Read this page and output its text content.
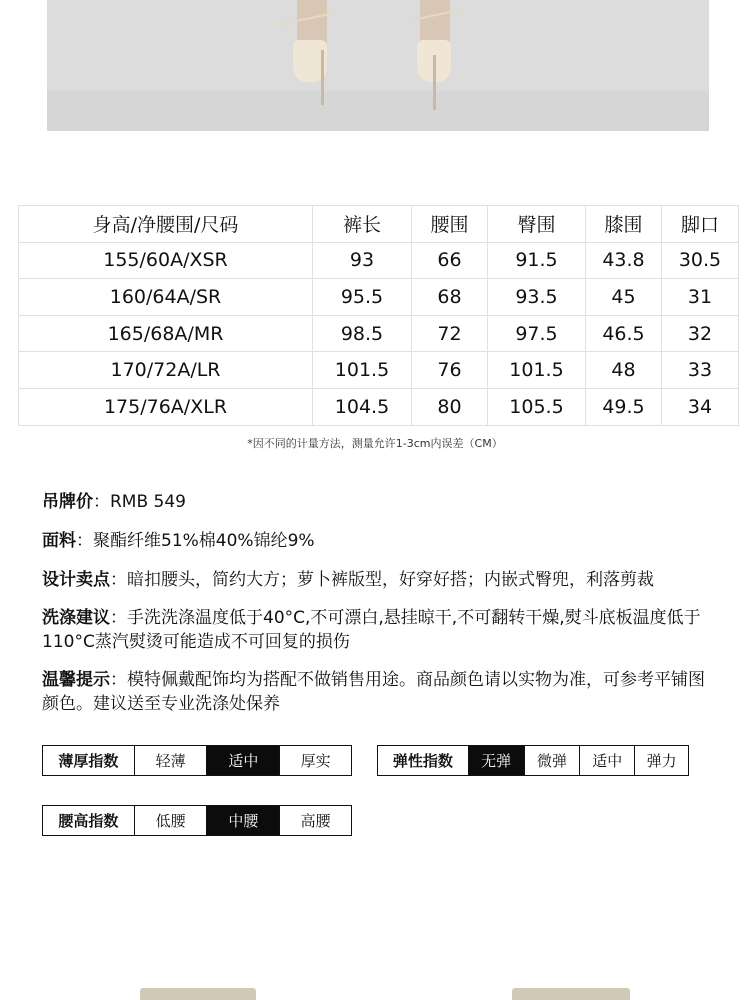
身高/净腰围/尺码	裤长	腰围	臀围	膝围	脚口
155/60A/XSR	93	66	91.5	43.8	30.5
160/64A/SR	95.5	68	93.5	45	31
165/68A/MR	98.5	72	97.5	46.5	32
170/72A/LR	101.5	76	101.5	48	33
175/76A/XLR	104.5	80	105.5	49.5	34
*因不同的计量方法，测量允许1-3cm内误差（CM）
吊牌价：RMB 549
面料：聚酯纤维51%棉40%锦纶9%
设计卖点：暗扣腰头，简约大方；萝卜裤版型，好穿好搭；内嵌式臀兜，利落剪裁
洗涤建议：手洗洗涤温度低于40°C,不可漂白,悬挂晾干,不可翻转干燥,熨斗底板温度低于110°C蒸汽熨烫可能造成不可回复的损伤
温馨提示：模特佩戴配饰均为搭配不做销售用途。商品颜色请以实物为准，可参考平铺图颜色。建议送至专业洗涤处保养
薄厚指数	轻薄	适中	厚实	弹性指数	无弹	微弹	适中	弹力
腰高指数	低腰	中腰	高腰
